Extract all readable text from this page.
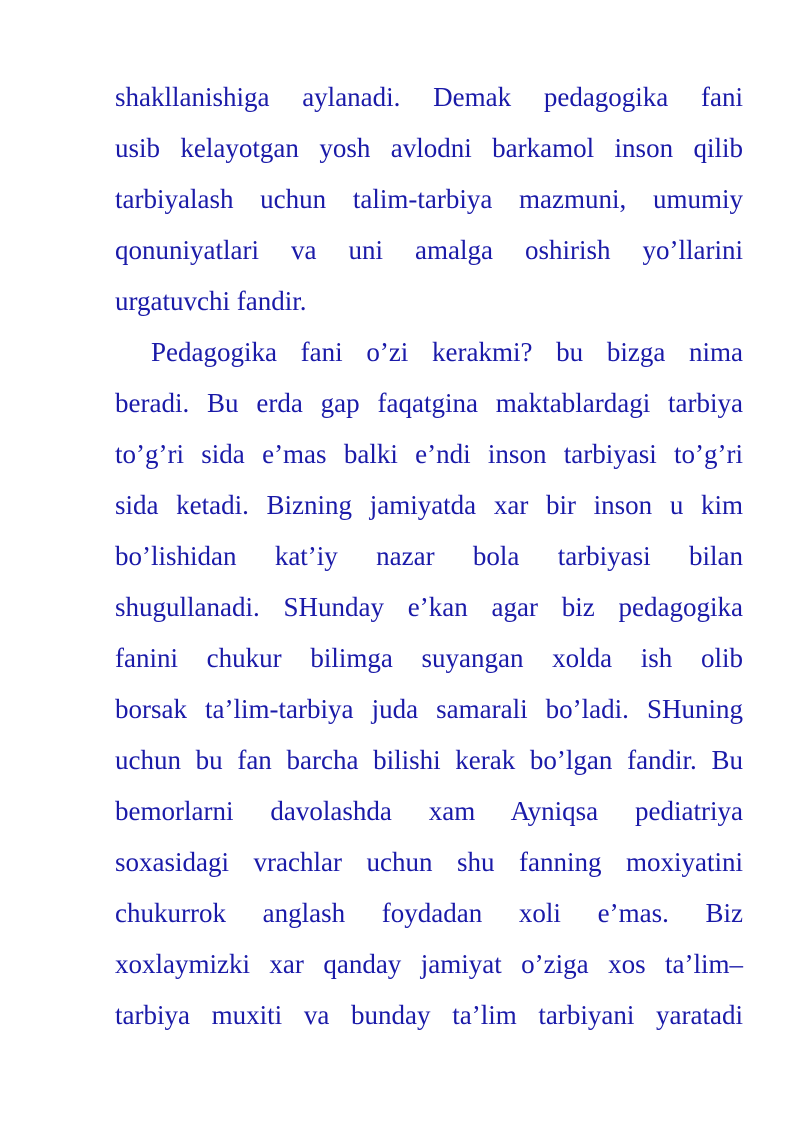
shakllanishiga aylanadi. Demak pedagogika fani
usib kelayotgan yosh avlodni barkamol inson qilib
tarbiyalash uchun talim-tarbiya mazmuni, umumiy
qonuniyatlari va uni amalga oshirish yo’llarini
urgatuvchi fandir.
Pedagogika fani o’zi kerakmi? bu bizga nima
beradi. Bu erda gap faqatgina maktablardagi tarbiya
to’g’ri sida e’mas balki e’ndi inson tarbiyasi to’g’ri
sida ketadi. Bizning jamiyatda xar bir inson u kim
bo’lishidan kat’iy nazar bola tarbiyasi bilan
shugullanadi. SHunday e’kan agar biz pedagogika
fanini chukur bilimga suyangan xolda ish olib
borsak ta’lim-tarbiya juda samarali bo’ladi. SHuning
uchun bu fan barcha bilishi kerak bo’lgan fandir. Bu
bemorlarni davolashda xam Ayniqsa pediatriya
soxasidagi vrachlar uchun shu fanning moxiyatini
chukurrok anglash foydadan xoli e’mas. Biz
xoxlaymizki xar qanday jamiyat o’ziga xos ta’lim–
tarbiya muxiti va bunday ta’lim tarbiyani yaratadi
